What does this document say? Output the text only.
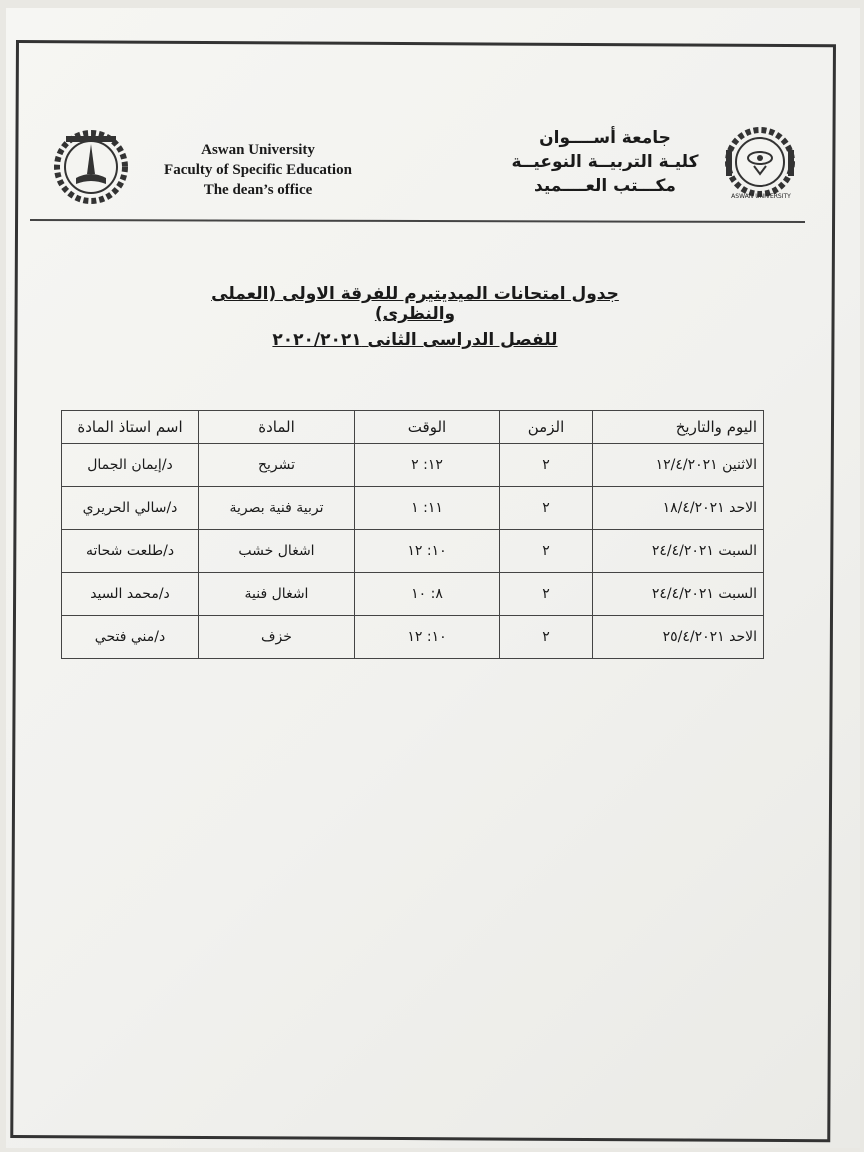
Aswan University
Faculty of Specific Education
The dean’s office
جامعة أســــوان
كليـة التربيــة النوعيــة
مكـــتب العــــميد
ASWAN UNIVERSITY
جدول امتحانات الميديتيرم للفرقة الاولى (العملى والنظرى)
للفصل الدراسى الثانى ٢٠٢٠/٢٠٢١
اليوم والتاريخ	الزمن	الوقت	المادة	اسم استاذ المادة
الاثنين ١٢/٤/٢٠٢١	٢	١٢: ٢	تشريح	د/إيمان الجمال
الاحد ١٨/٤/٢٠٢١	٢	١١: ١	تربية فنية بصرية	د/سالي الحريري
السبت ٢٤/٤/٢٠٢١	٢	١٠: ١٢	اشغال خشب	د/طلعت شحاته
السبت ٢٤/٤/٢٠٢١	٢	٨: ١٠	اشغال فنية	د/محمد السيد
الاحد ٢٥/٤/٢٠٢١	٢	١٠: ١٢	خزف	د/مني فتحي
